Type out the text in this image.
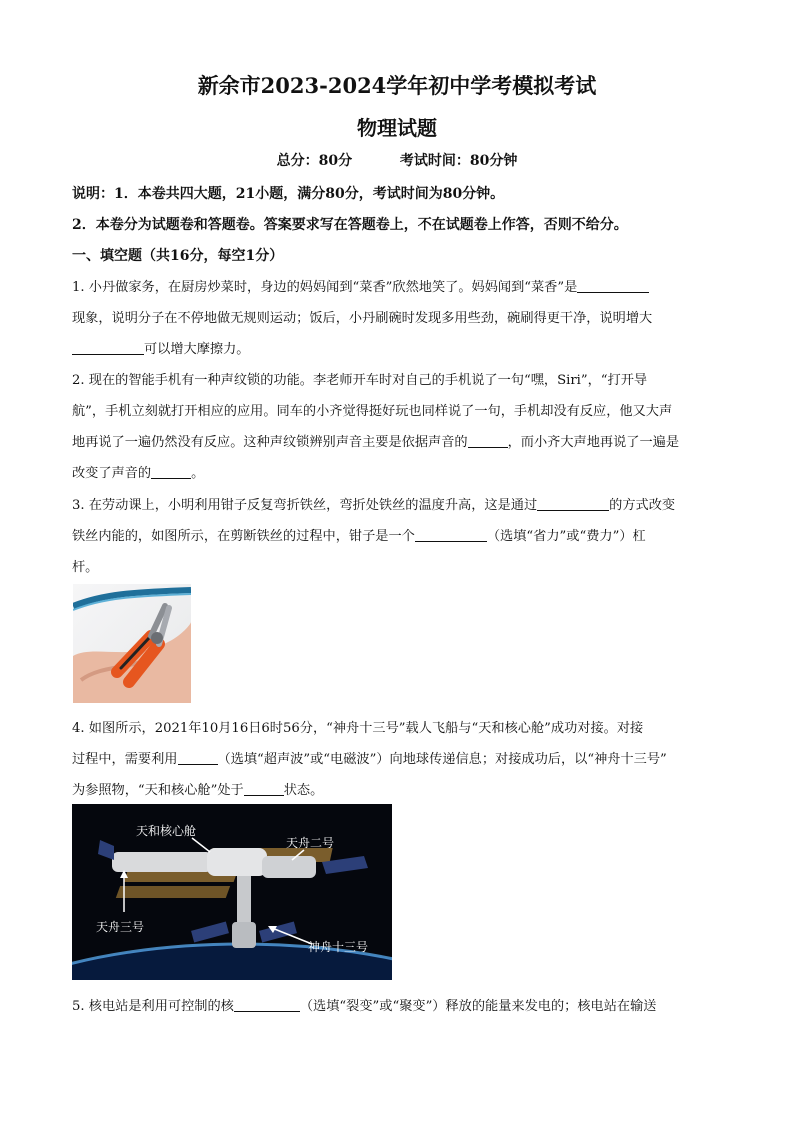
新余市2023-2024学年初中学考模拟考试
物理试题
总分：80分	考试时间：80分钟
说明：1．本卷共四大题，21小题，满分80分，考试时间为80分钟。
2．本卷分为试题卷和答题卷。答案要求写在答题卷上，不在试题卷上作答，否则不给分。
一、填空题（共16分，每空1分）
1. 小丹做家务，在厨房炒菜时，身边的妈妈闻到“菜香”欣然地笑了。妈妈闻到“菜香”是
现象，说明分子在不停地做无规则运动；饭后，小丹刷碗时发现多用些劲，碗刷得更干净，说明增大
可以增大摩擦力。
2. 现在的智能手机有一种声纹锁的功能。李老师开车时对自己的手机说了一句“嘿，Siri”，“打开导
航”，手机立刻就打开相应的应用。同车的小齐觉得挺好玩也同样说了一句，手机却没有反应，他又大声
地再说了一遍仍然没有反应。这种声纹锁辨别声音主要是依据声音的	，而小齐大声地再说了一遍是
改变了声音的	。
3. 在劳动课上，小明利用钳子反复弯折铁丝，弯折处铁丝的温度升高，这是通过	的方式改变
铁丝内能的，如图所示，在剪断铁丝的过程中，钳子是一个	（选填“省力”或“费力”）杠
杆。
4. 如图所示，2021年10月16日6时56分，“神舟十三号”载人飞船与“天和核心舱”成功对接。对接
过程中，需要利用	（选填“超声波”或“电磁波”）向地球传递信息；对接成功后，以“神舟十三号”
为参照物，“天和核心舱”处于	状态。
天和核心舱
天舟二号
天舟三号
神舟十三号
5. 核电站是利用可控制的核	（选填“裂变”或“聚变”）释放的能量来发电的；核电站在输送
